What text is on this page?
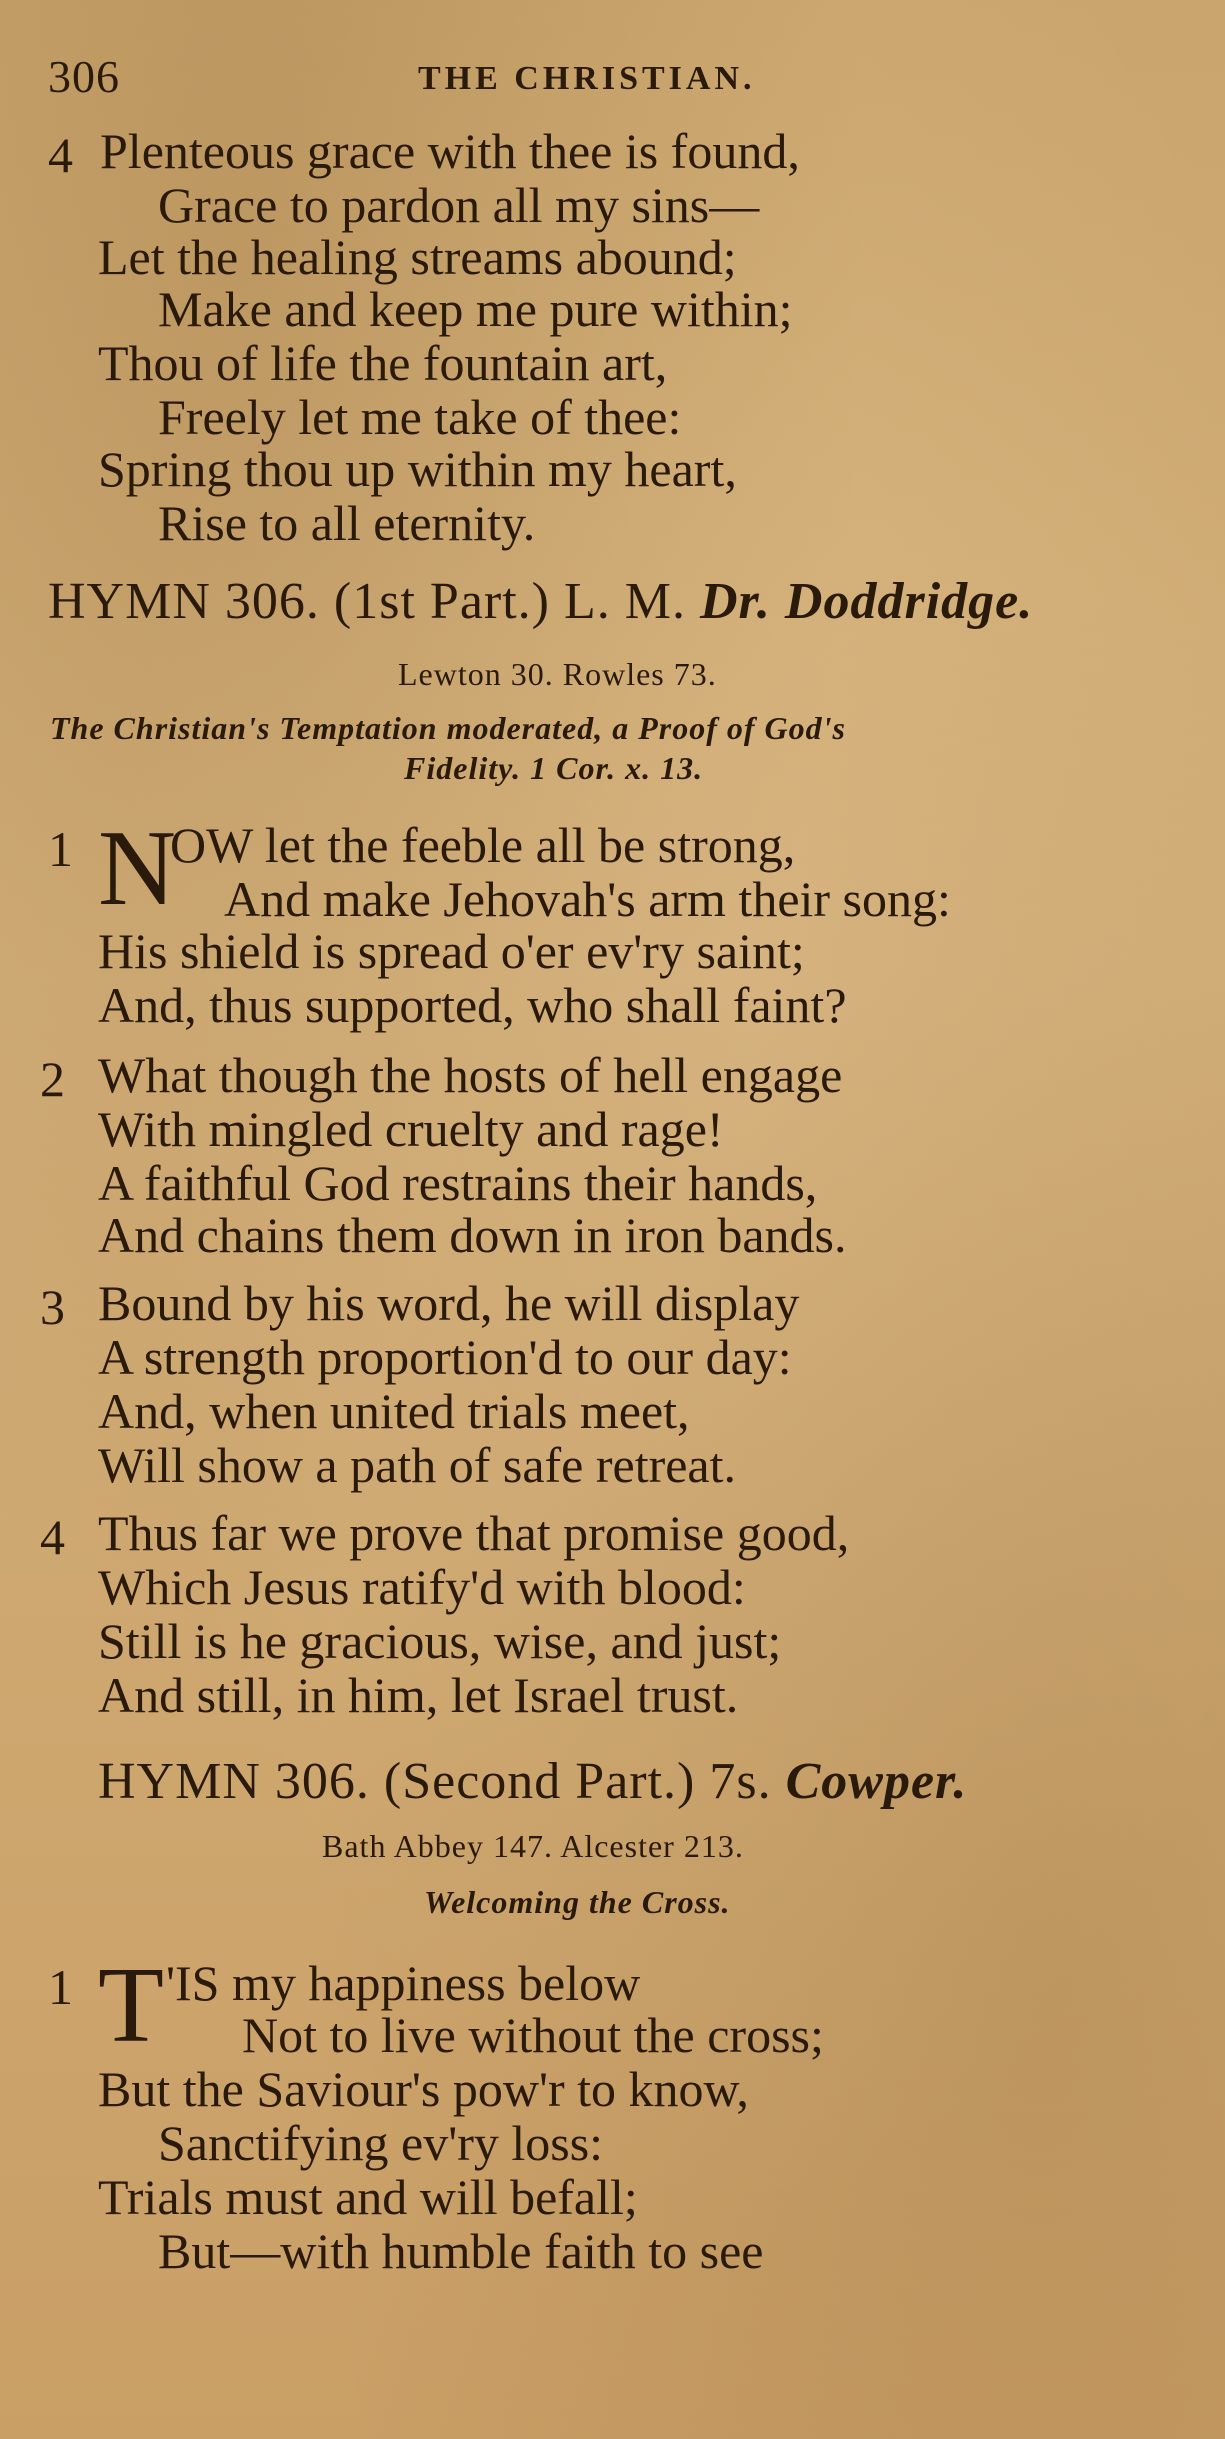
306	THE CHRISTIAN.
4 Plenteous grace with thee is found,

Grace to pardon all my sins—

Let the healing streams abound;

Make and keep me pure within;

Thou of life the fountain art,

Freely let me take of thee:

Spring thou up within my heart,

Rise to all eternity.

HYMN 306. (1st Part.) L. M. Dr. Doddridge.
Lewton 30. Rowles 73.
The Christian's Temptation moderated, a Proof of God's
Fidelity. 1 Cor. x. 13.
1 N

OW let the feeble all be strong,

And make Jehovah's arm their song:

His shield is spread o'er ev'ry saint;

And, thus supported, who shall faint?

2 What though the hosts of hell engage

With mingled cruelty and rage!

A faithful God restrains their hands,

And chains them down in iron bands.

3 Bound by his word, he will display

A strength proportion'd to our day:

And, when united trials meet,

Will show a path of safe retreat.

4 Thus far we prove that promise good,

Which Jesus ratify'd with blood:

Still is he gracious, wise, and just;

And still, in him, let Israel trust.

HYMN 306. (Second Part.) 7s. Cowper.
Bath Abbey 147. Alcester 213.
Welcoming the Cross.
1 T 'IS my happiness below

Not to live without the cross;

But the Saviour's pow'r to know,

Sanctifying ev'ry loss:

Trials must and will befall;

But—with humble faith to see
